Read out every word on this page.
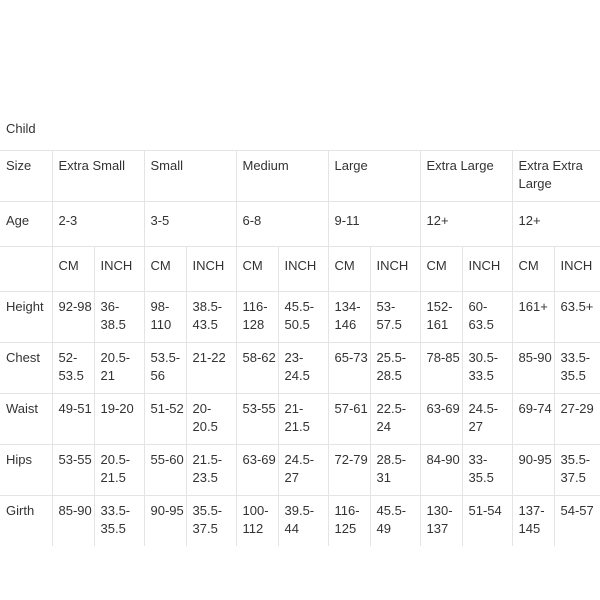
Child												
Size	Extra Small		Small		Medium		Large		Extra Large		Extra Extra Large	
Age	2-3		3-5		6-8		9-11		12+		12+	
	CM	INCH	CM	INCH	CM	INCH	CM	INCH	CM	INCH	CM	INCH
Height	92-98	36-38.5	98-110	38.5-43.5	116-128	45.5-50.5	134-146	53-57.5	152-161	60-63.5	161+	63.5+
Chest	52-53.5	20.5-21	53.5-56	21-22	58-62	23-24.5	65-73	25.5-28.5	78-85	30.5-33.5	85-90	33.5-35.5
Waist	49-51	19-20	51-52	20-20.5	53-55	21-21.5	57-61	22.5-24	63-69	24.5-27	69-74	27-29
Hips	53-55	20.5-21.5	55-60	21.5-23.5	63-69	24.5-27	72-79	28.5-31	84-90	33-35.5	90-95	35.5-37.5
Girth	85-90	33.5-35.5	90-95	35.5-37.5	100-112	39.5-44	116-125	45.5-49	130-137	51-54	137-145	54-57
